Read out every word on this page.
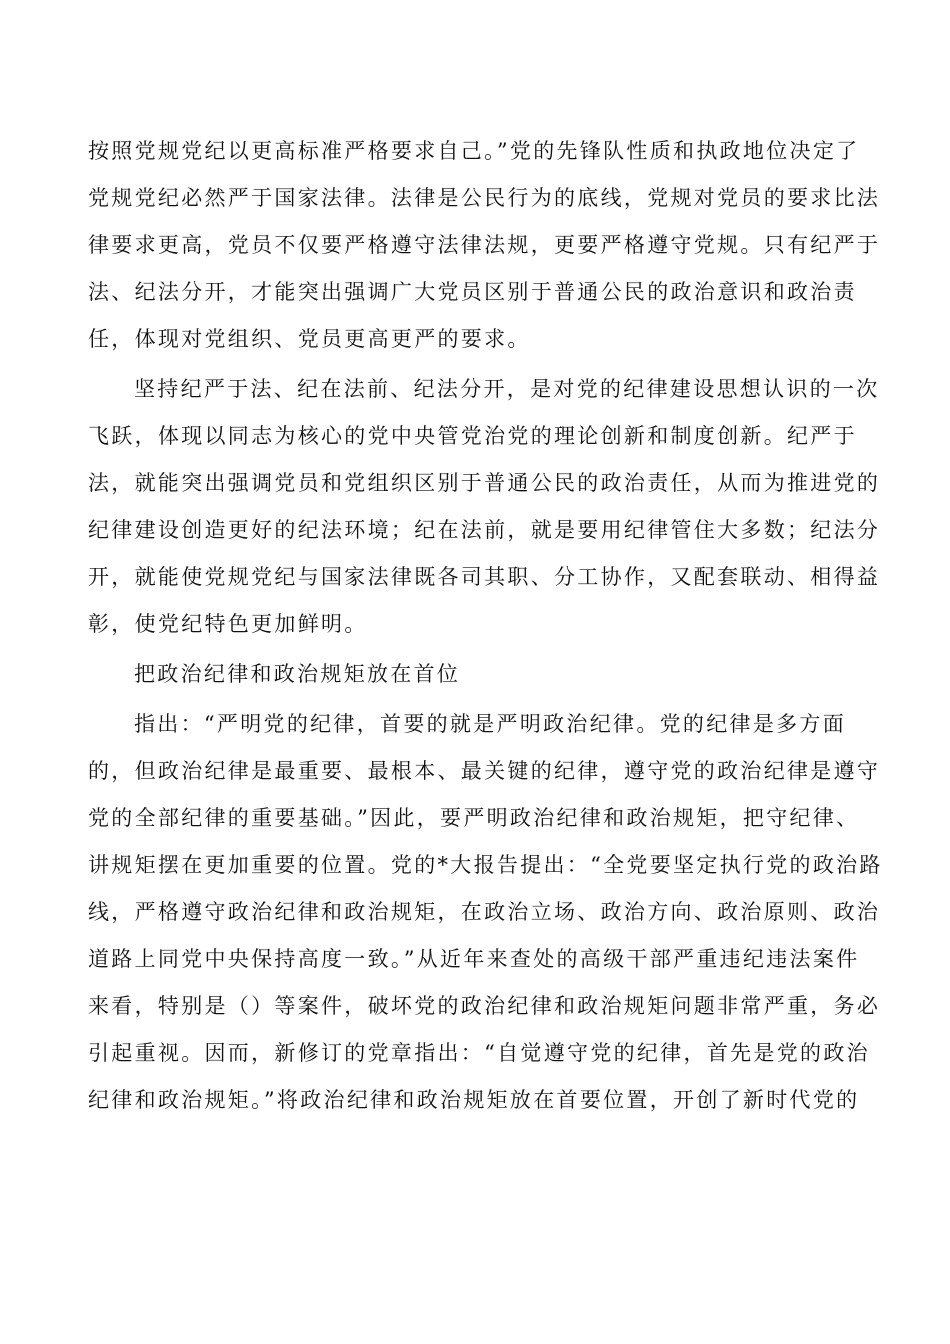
按照党规党纪以更高标准严格要求自己。”党的先锋队性质和执政地位决定了
党规党纪必然严于国家法律。法律是公民行为的底线，党规对党员的要求比法
律要求更高，党员不仅要严格遵守法律法规，更要严格遵守党规。只有纪严于
法、纪法分开，才能突出强调广大党员区别于普通公民的政治意识和政治责
任，体现对党组织、党员更高更严的要求。
坚持纪严于法、纪在法前、纪法分开，是对党的纪律建设思想认识的一次
飞跃，体现以同志为核心的党中央管党治党的理论创新和制度创新。纪严于
法，就能突出强调党员和党组织区别于普通公民的政治责任，从而为推进党的
纪律建设创造更好的纪法环境；纪在法前，就是要用纪律管住大多数；纪法分
开，就能使党规党纪与国家法律既各司其职、分工协作，又配套联动、相得益
彰，使党纪特色更加鲜明。
把政治纪律和政治规矩放在首位
指出：“严明党的纪律，首要的就是严明政治纪律。党的纪律是多方面
的，但政治纪律是最重要、最根本、最关键的纪律，遵守党的政治纪律是遵守
党的全部纪律的重要基础。”因此，要严明政治纪律和政治规矩，把守纪律、
讲规矩摆在更加重要的位置。党的*大报告提出：“全党要坚定执行党的政治路
线，严格遵守政治纪律和政治规矩，在政治立场、政治方向、政治原则、政治
道路上同党中央保持高度一致。”从近年来查处的高级干部严重违纪违法案件
来看，特别是（）等案件，破坏党的政治纪律和政治规矩问题非常严重，务必
引起重视。因而，新修订的党章指出：“自觉遵守党的纪律，首先是党的政治
纪律和政治规矩。”将政治纪律和政治规矩放在首要位置，开创了新时代党的
